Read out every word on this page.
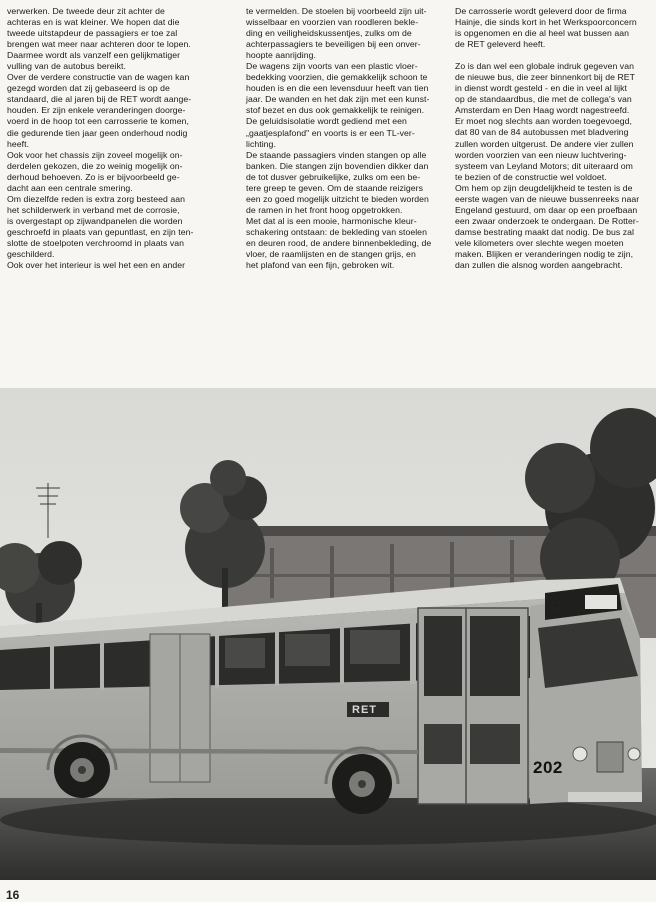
verwerken. De tweede deur zit achter de
achteras en is wat kleiner. We hopen dat die
tweede uitstapdeur de passagiers er toe zal
brengen wat meer naar achteren door te lopen.
Daarmee wordt als vanzelf een gelijkmatiger
vulling van de autobus bereikt.

Over de verdere constructie van de wagen kan
gezegd worden dat zij gebaseerd is op de
standaard, die al jaren bij de RET wordt aange-
houden. Er zijn enkele veranderingen doorge-
voerd in de hoop tot een carrosserie te komen,
die gedurende tien jaar geen onderhoud nodig
heeft.

Ook voor het chassis zijn zoveel mogelijk on-
derdelen gekozen, die zo weinig mogelijk on-
derhoud behoeven. Zo is er bijvoorbeeld ge-
dacht aan een centrale smering.

Om diezelfde reden is extra zorg besteed aan
het schilderwerk in verband met de corrosie,
is overgestapt op zijwandpanelen die worden
geschroefd in plaats van gepuntlast, en zijn ten-
slotte de stoelpoten verchroomd in plaats van
geschilderd.

Ook over het interieur is wel het een en ander

te vermelden. De stoelen bij voorbeeld zijn uit-
wisselbaar en voorzien van roodleren bekle-
ding en veiligheidskussentjes, zulks om de
achterpassagiers te beveiligen bij een onver-
hoopte aanrijding.

De wagens zijn voorts van een plastic vloer-
bedekking voorzien, die gemakkelijk schoon te
houden is en die een levensduur heeft van tien
jaar. De wanden en het dak zijn met een kunst-
stof bezet en dus ook gemakkelijk te reinigen.
De geluidsisolatie wordt gediend met een
„gaatjesplafond" en voorts is er een TL-ver-
lichting.

De staande passagiers vinden stangen op alle
banken. Die stangen zijn bovendien dikker dan
de tot dusver gebruikelijke, zulks om een be-
tere greep te geven. Om de staande reizigers
een zo goed mogelijk uitzicht te bieden worden
de ramen in het front hoog opgetrokken.

Met dat al is een mooie, harmonische kleur-
schakering ontstaan: de bekleding van stoelen
en deuren rood, de andere binnenbekleding, de
vloer, de raamlijsten en de stangen grijs, en
het plafond van een fijn, gebroken wit.

De carrosserie wordt geleverd door de firma
Hainje, die sinds kort in het Werkspoorconcern
is opgenomen en die al heel wat bussen aan
de RET geleverd heeft.

Zo is dan wel een globale indruk gegeven van
de nieuwe bus, die zeer binnenkort bij de RET
in dienst wordt gesteld - en die in veel al lijkt
op de standaardbus, die met de collega's van
Amsterdam en Den Haag wordt nagestreefd.

Er moet nog slechts aan worden toegevoegd,
dat 80 van de 84 autobussen met bladvering
zullen worden uitgerust. De andere vier zullen
worden voorzien van een nieuw luchtvering-
systeem van Leyland Motors; dit uiteraard om
te bezien of de constructie wel voldoet.

Om hem op zijn deugdelijkheid te testen is de
eerste wagen van de nieuwe bussenreeks naar
Engeland gestuurd, om daar op een proefbaan
een zwaar onderzoek te ondergaan. De Rotter-
damse bestrating maakt dat nodig. De bus zal
vele kilometers over slechte wegen moeten
maken. Blijken er veranderingen nodig te zijn,
dan zullen die alsnog worden aangebracht.

42
RET
202
16
